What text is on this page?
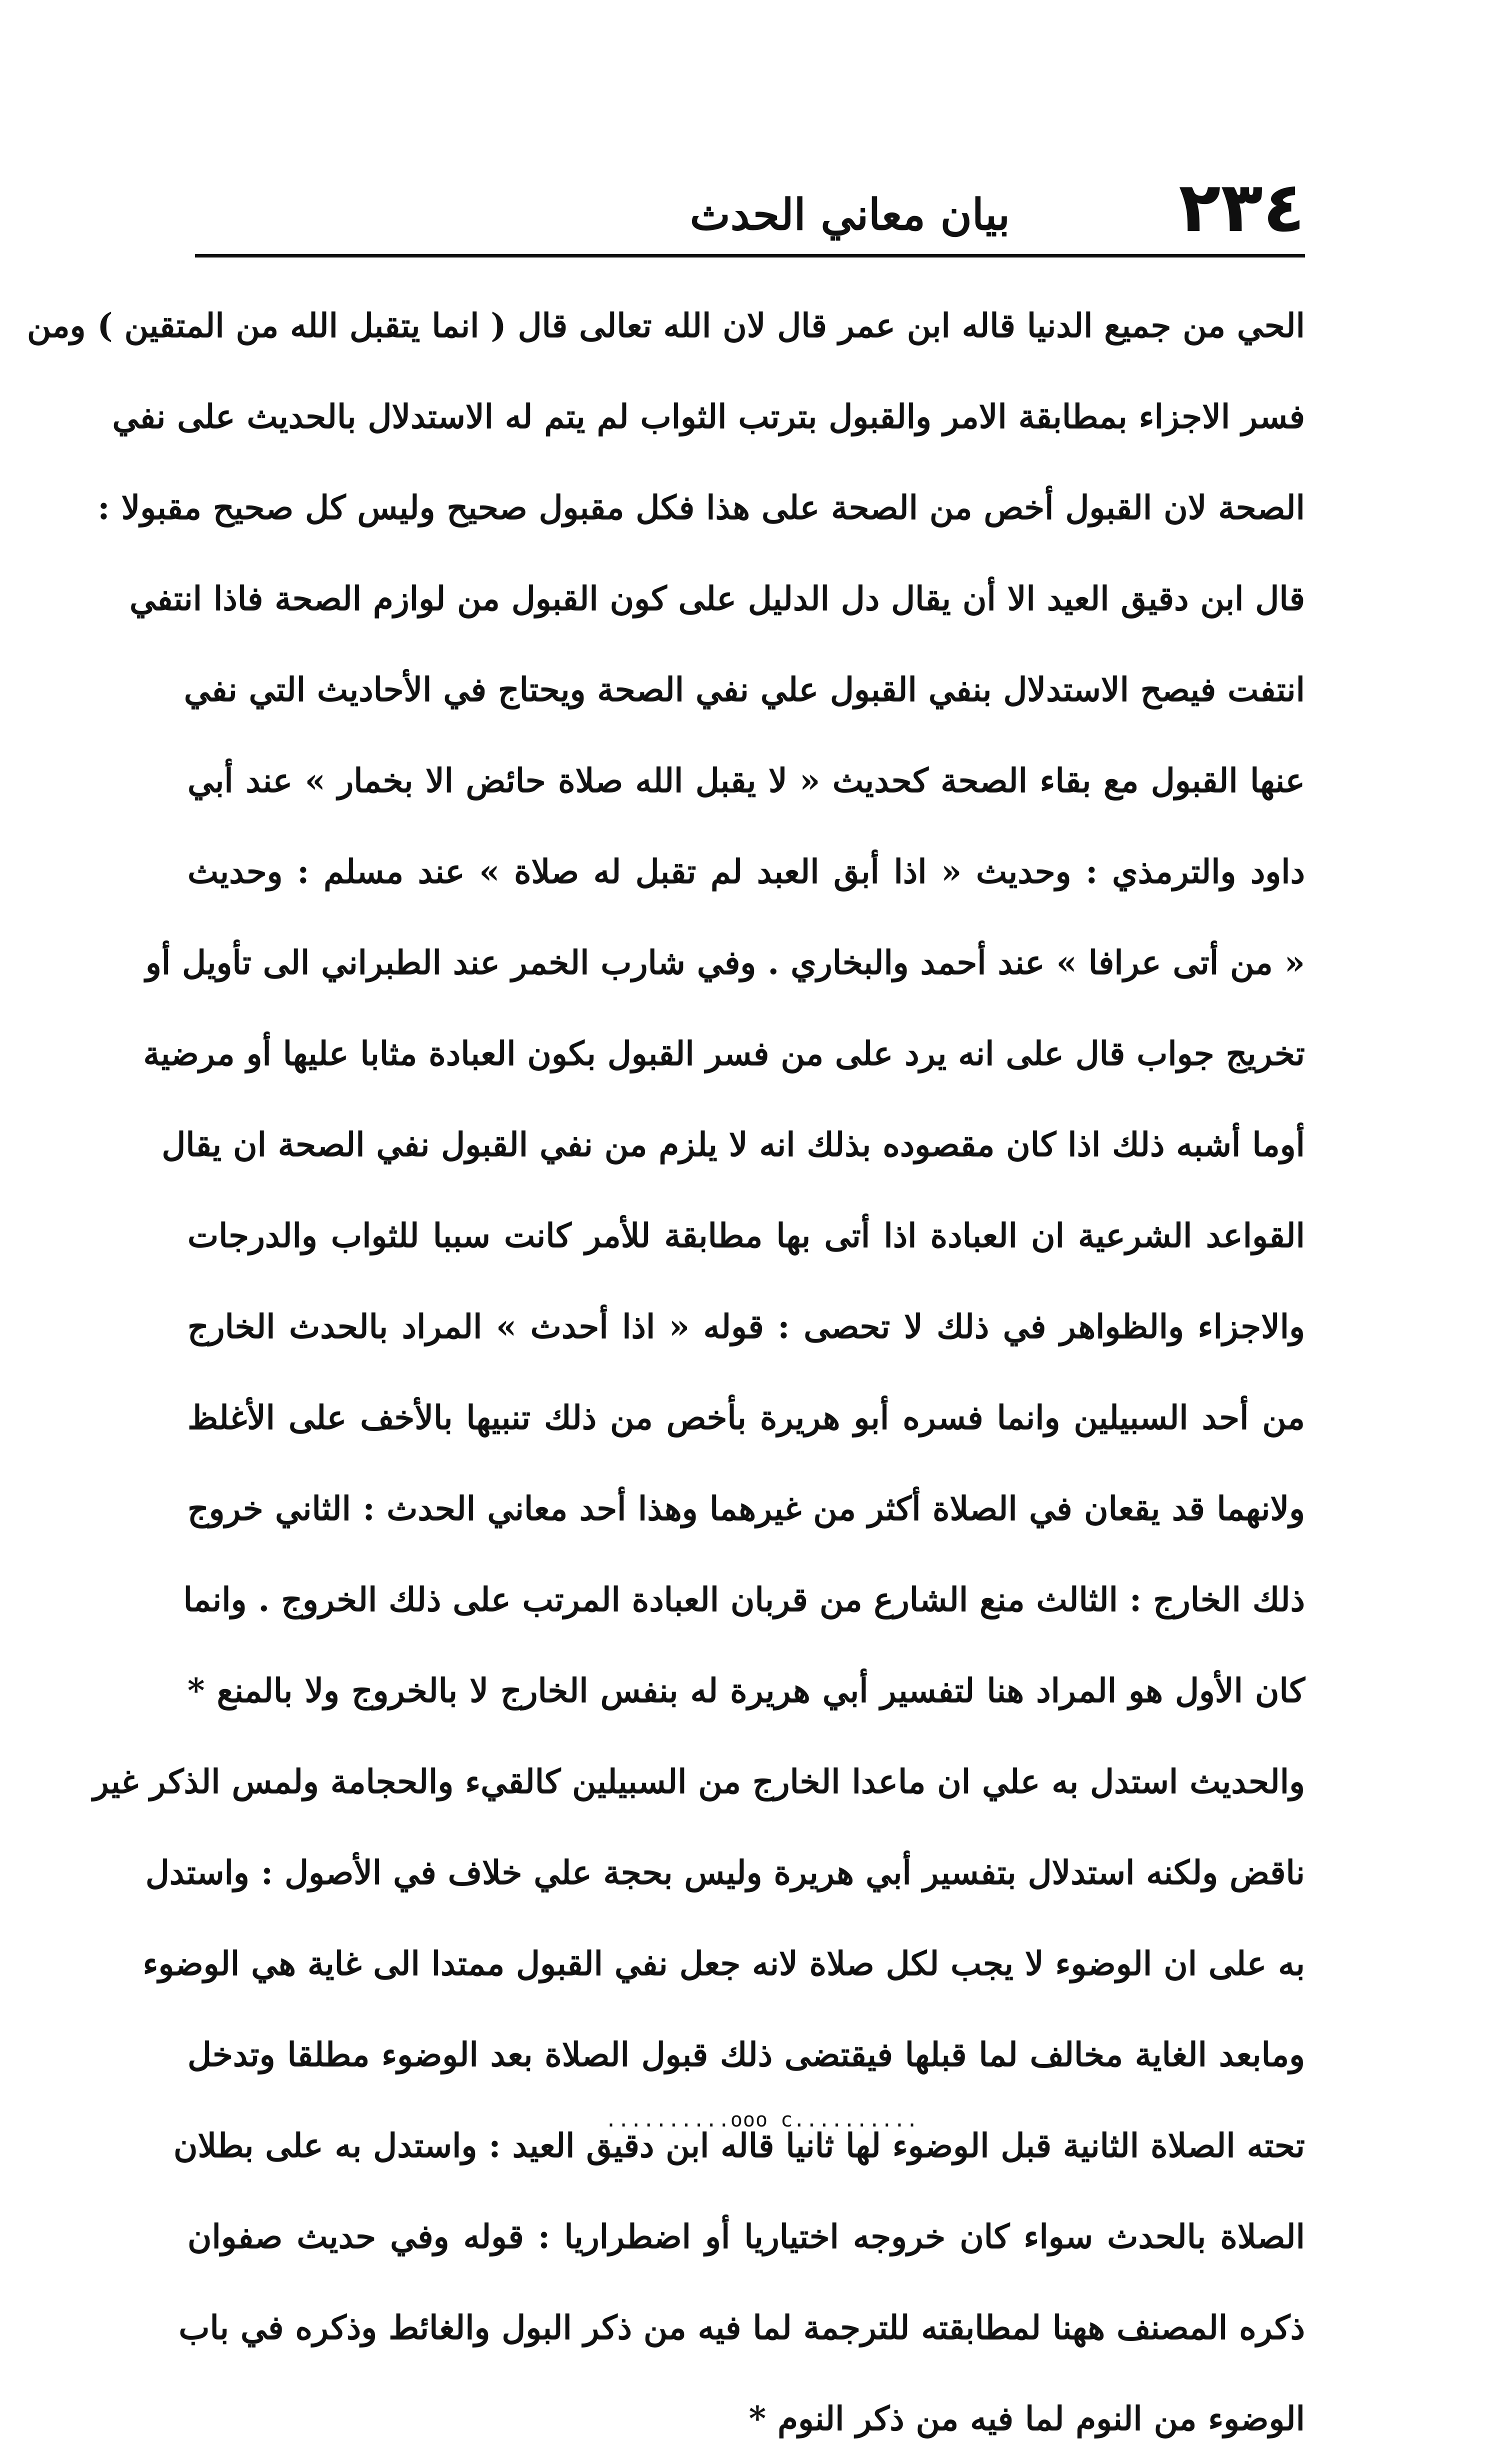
٢٣٤
بيان معاني الحدث
الحي من جميع الدنيا قاله ابن عمر قال لان الله تعالى قال ( انما يتقبل الله من المتقين ) ومن
فسر الاجزاء بمطابقة الامر والقبول بترتب الثواب لم يتم له الاستدلال بالحديث على نفي
الصحة لان القبول أخص من الصحة على هذا فكل مقبول صحيح وليس كل صحيح مقبولا :
قال ابن دقيق العيد الا أن يقال دل الدليل على كون القبول من لوازم الصحة فاذا انتفي
انتفت فيصح الاستدلال بنفي القبول علي نفي الصحة ويحتاج في الأحاديث التي نفي
عنها القبول مع بقاء الصحة كحديث « لا يقبل الله صلاة حائض الا بخمار » عند أبي
داود والترمذي : وحديث « اذا أبق العبد لم تقبل له صلاة » عند مسلم : وحديث
« من أتى عرافا » عند أحمد والبخاري . وفي شارب الخمر عند الطبراني الى تأويل أو
تخريج جواب قال على انه يرد على من فسر القبول بكون العبادة مثابا عليها أو مرضية
أوما أشبه ذلك اذا كان مقصوده بذلك انه لا يلزم من نفي القبول نفي الصحة ان يقال
القواعد الشرعية ان العبادة اذا أتى بها مطابقة للأمر كانت سببا للثواب والدرجات
والاجزاء والظواهر في ذلك لا تحصى : قوله « اذا أحدث » المراد بالحدث الخارج
من أحد السبيلين وانما فسره أبو هريرة بأخص من ذلك تنبيها بالأخف على الأغلظ
ولانهما قد يقعان في الصلاة أكثر من غيرهما وهذا أحد معاني الحدث : الثاني خروج
ذلك الخارج : الثالث منع الشارع من قربان العبادة المرتب على ذلك الخروج . وانما
كان الأول هو المراد هنا لتفسير أبي هريرة له بنفس الخارج لا بالخروج ولا بالمنع *
والحديث استدل به علي ان ماعدا الخارج من السبيلين كالقيء والحجامة ولمس الذكر غير
ناقض ولكنه استدلال بتفسير أبي هريرة وليس بحجة علي خلاف في الأصول : واستدل
به على ان الوضوء لا يجب لكل صلاة لانه جعل نفي القبول ممتدا الى غاية هي الوضوء
ومابعد الغاية مخالف لما قبلها فيقتضى ذلك قبول الصلاة بعد الوضوء مطلقا وتدخل
تحته الصلاة الثانية قبل الوضوء لها ثانيا قاله ابن دقيق العيد : واستدل به على بطلان
الصلاة بالحدث سواء كان خروجه اختياريا أو اضطراريا : قوله وفي حديث صفوان
ذكره المصنف ههنا لمطابقته للترجمة لما فيه من ذكر البول والغائط وذكره في باب
الوضوء من النوم لما فيه من ذكر النوم *
..........ooo c..........
